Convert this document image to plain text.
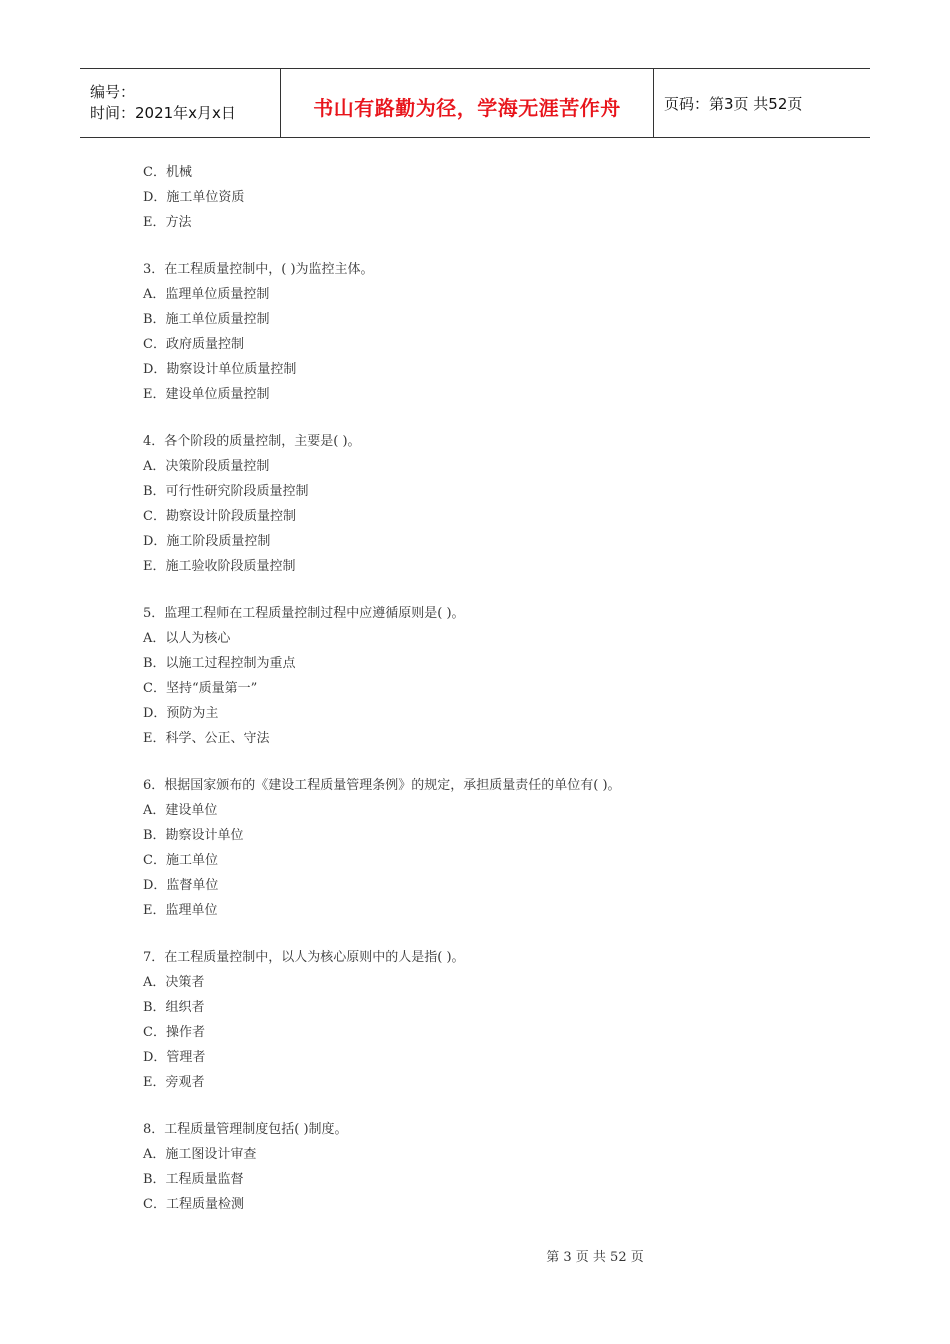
编号：
时间：2021年x月x日	书山有路勤为径，学海无涯苦作舟	页码：第3页 共52页
C．机械
D．施工单位资质
E．方法
3．在工程质量控制中，( )为监控主体。
A．监理单位质量控制
B．施工单位质量控制
C．政府质量控制
D．勘察设计单位质量控制
E．建设单位质量控制
4．各个阶段的质量控制，主要是( )。
A．决策阶段质量控制
B．可行性研究阶段质量控制
C．勘察设计阶段质量控制
D．施工阶段质量控制
E．施工验收阶段质量控制
5．监理工程师在工程质量控制过程中应遵循原则是( )。
A．以人为核心
B．以施工过程控制为重点
C．坚持“质量第一”
D．预防为主
E．科学、公正、守法
6．根据国家颁布的《建设工程质量管理条例》的规定，承担质量责任的单位有( )。
A．建设单位
B．勘察设计单位
C．施工单位
D．监督单位
E．监理单位
7．在工程质量控制中，以人为核心原则中的人是指( )。
A．决策者
B．组织者
C．操作者
D．管理者
E．旁观者
8．工程质量管理制度包括( )制度。
A．施工图设计审查
B．工程质量监督
C．工程质量检测
第 3 页 共 52 页
